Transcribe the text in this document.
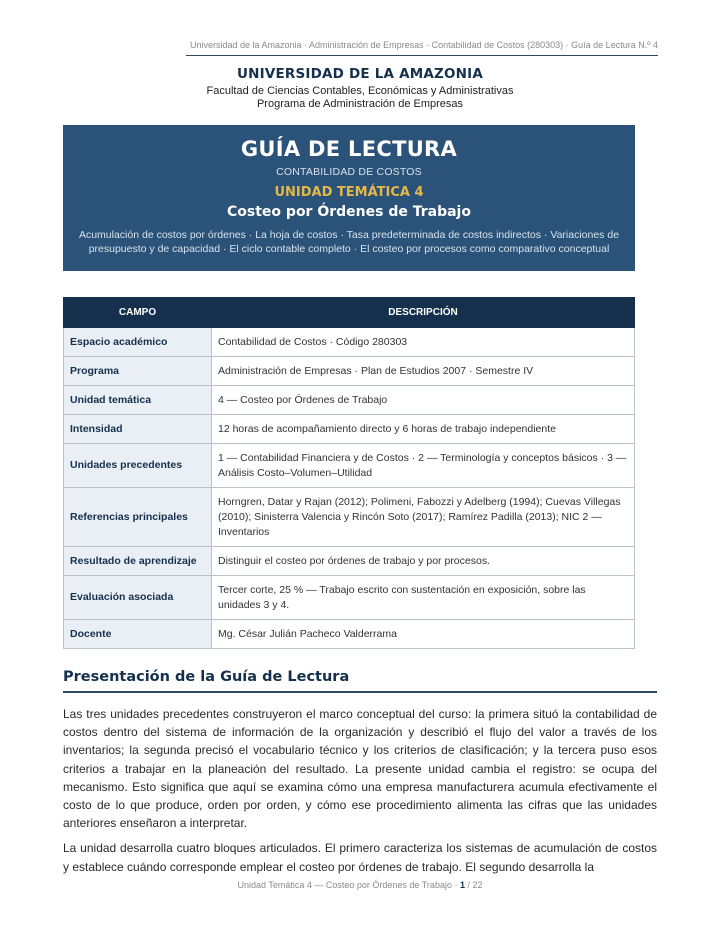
Universidad de la Amazonia · Administración de Empresas · Contabilidad de Costos (280303) · Guía de Lectura N.º 4
UNIVERSIDAD DE LA AMAZONIA
Facultad de Ciencias Contables, Económicas y Administrativas
Programa de Administración de Empresas
GUÍA DE LECTURA
CONTABILIDAD DE COSTOS
UNIDAD TEMÁTICA 4
Costeo por Órdenes de Trabajo
Acumulación de costos por órdenes · La hoja de costos · Tasa predeterminada de costos indirectos · Variaciones de presupuesto y de capacidad · El ciclo contable completo · El costeo por procesos como comparativo conceptual
CAMPO	DESCRIPCIÓN
Espacio académico	Contabilidad de Costos · Código 280303
Programa	Administración de Empresas · Plan de Estudios 2007 · Semestre IV
Unidad temática	4 — Costeo por Órdenes de Trabajo
Intensidad	12 horas de acompañamiento directo y 6 horas de trabajo independiente
Unidades precedentes	1 — Contabilidad Financiera y de Costos · 2 — Terminología y conceptos básicos · 3 — Análisis Costo–Volumen–Utilidad
Referencias principales	Horngren, Datar y Rajan (2012); Polimeni, Fabozzi y Adelberg (1994); Cuevas Villegas (2010); Sinisterra Valencia y Rincón Soto (2017); Ramírez Padilla (2013); NIC 2 — Inventarios
Resultado de aprendizaje	Distinguir el costeo por órdenes de trabajo y por procesos.
Evaluación asociada	Tercer corte, 25 % — Trabajo escrito con sustentación en exposición, sobre las unidades 3 y 4.
Docente	Mg. César Julián Pacheco Valderrama
Presentación de la Guía de Lectura

Las tres unidades precedentes construyeron el marco conceptual del curso: la primera situó la contabilidad de costos dentro del sistema de información de la organización y describió el flujo del valor a través de los inventarios; la segunda precisó el vocabulario técnico y los criterios de clasificación; y la tercera puso esos criterios a trabajar en la planeación del resultado. La presente unidad cambia el registro: se ocupa del mecanismo. Esto significa que aquí se examina cómo una empresa manufacturera acumula efectivamente el costo de lo que produce, orden por orden, y cómo ese procedimiento alimenta las cifras que las unidades anteriores enseñaron a interpretar.

La unidad desarrolla cuatro bloques articulados. El primero caracteriza los sistemas de acumulación de costos y establece cuándo corresponde emplear el costeo por órdenes de trabajo. El segundo desarrolla la

Unidad Temática 4 — Costeo por Órdenes de Trabajo · 1 / 22
